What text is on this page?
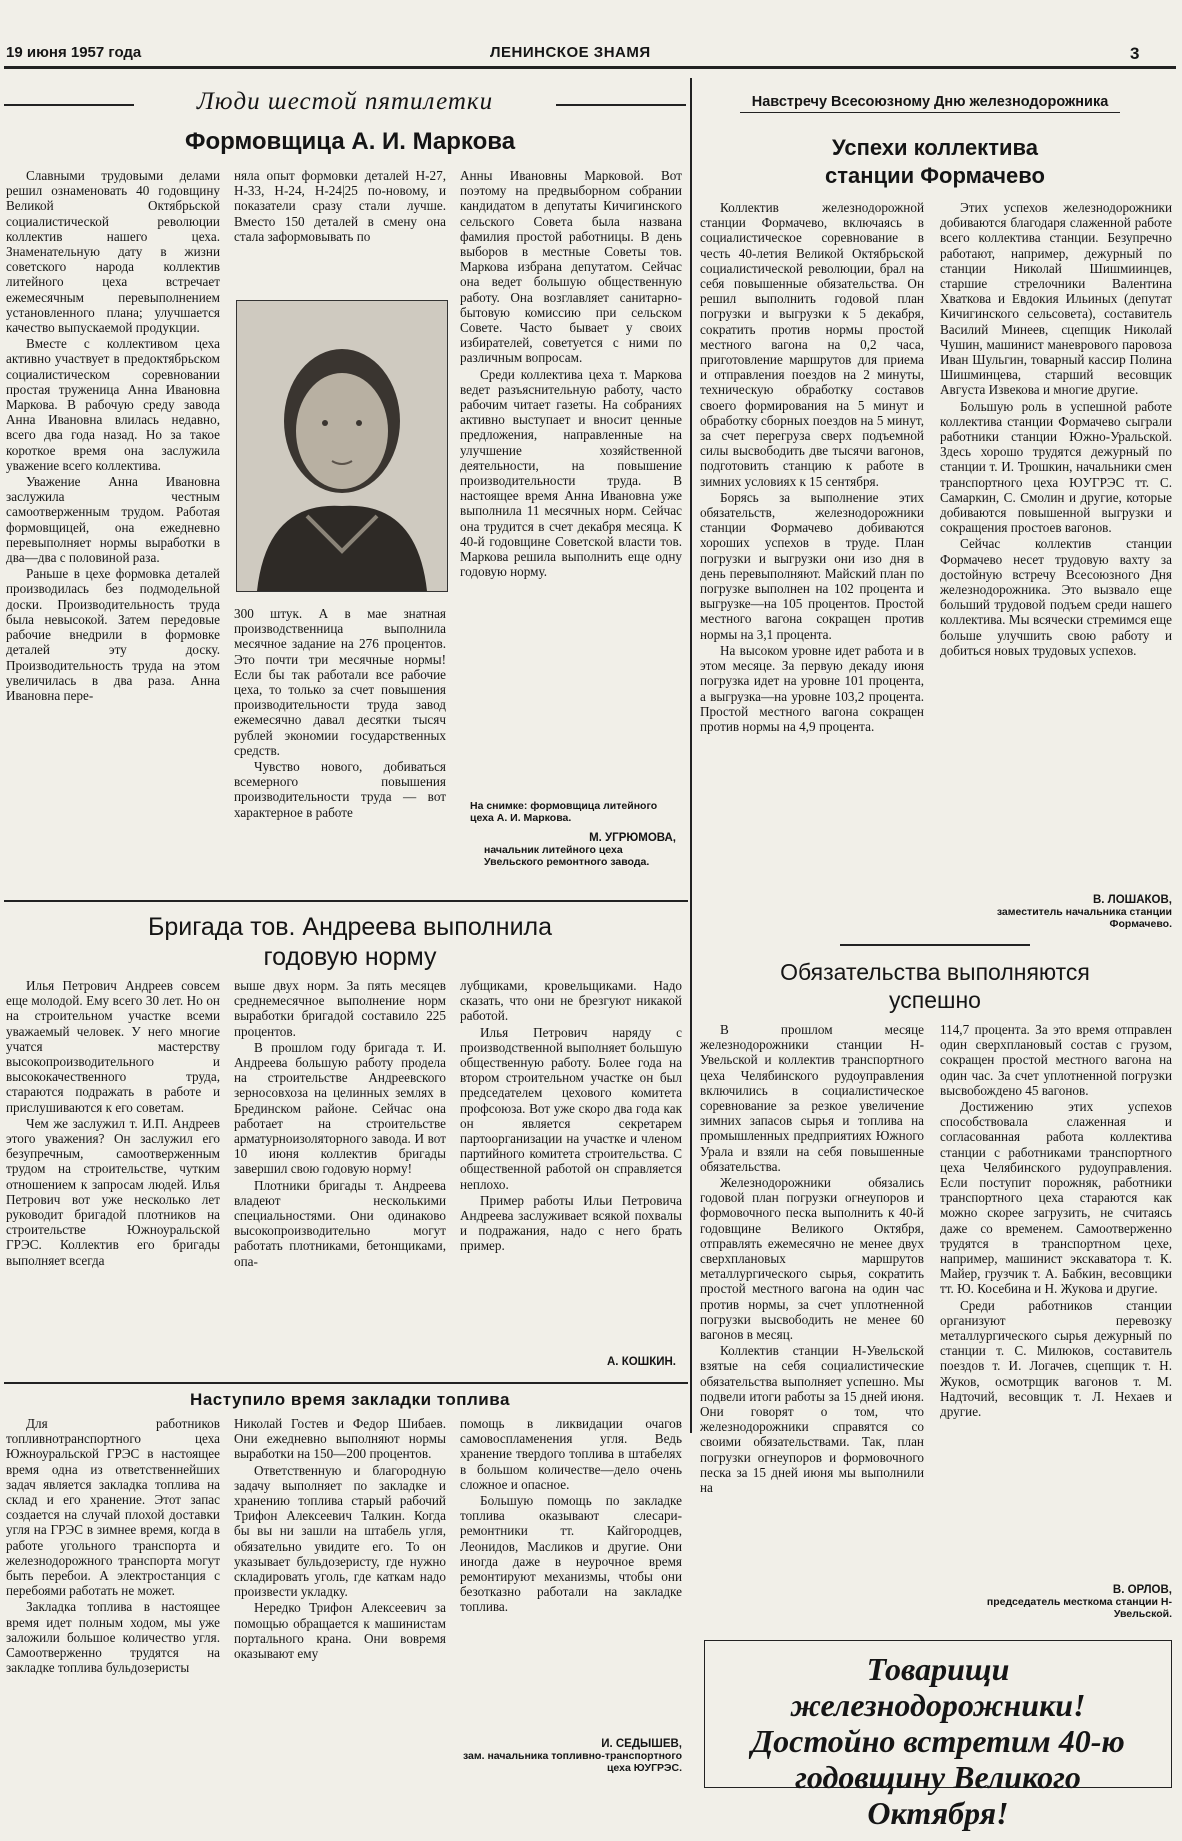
19 июня 1957 года	ЛЕНИНСКОЕ ЗНАМЯ	3
Люди шестой пятилетки
Формовщица А. И. Маркова

Славными трудовыми делами решил ознаменовать 40 годовщину Великой Октябрьской социалистической революции коллектив нашего цеха. Знаменательную дату в жизни советского народа коллектив литейного цеха встречает ежемесячным перевыполнением установленного плана; улучшается качество выпускаемой продукции.

Вместе с коллективом цеха активно участвует в предоктябрьском социалистическом соревновании простая труженица Анна Ивановна Маркова. В рабочую среду завода Анна Ивановна влилась недавно, всего два года назад. Но за такое короткое время она заслужила уважение всего коллектива.

Уважение Анна Ивановна заслужила честным самоотверженным трудом. Работая формовщицей, она ежедневно перевыполняет нормы выработки в два—два с половиной раза.

Раньше в цехе формовка деталей производилась без подмодельной доски. Производительность труда была невысокой. Затем передовые рабочие внедрили в формовке деталей эту доску. Производительность труда на этом увеличилась в два раза. Анна Ивановна пере-

няла опыт формовки деталей Н-27, Н-33, Н-24, Н-24|25 по-новому, и показатели сразу стали лучше. Вместо 150 деталей в смену она стала заформовывать по

300 штук. А в мае знатная производственница выполнила месячное задание на 276 процентов. Это почти три месячные нормы! Если бы так работали все рабочие цеха, то только за счет повышения производительности труда завод ежемесячно давал десятки тысяч рублей экономии государственных средств.

Чувство нового, добиваться всемерного повышения производительности труда — вот характерное в работе

Анны Ивановны Марковой. Вот поэтому на предвыборном собрании кандидатом в депутаты Кичигинского сельского Совета была названа фамилия простой работницы. В день выборов в местные Советы тов. Маркова избрана депутатом. Сейчас она ведет большую общественную работу. Она возглавляет санитарно-бытовую комиссию при сельском Совете. Часто бывает у своих избирателей, советуется с ними по различным вопросам.

Среди коллектива цеха т. Маркова ведет разъяснительную работу, часто рабочим читает газеты. На собраниях активно выступает и вносит ценные предложения, направленные на улучшение хозяйственной деятельности, на повышение производительности труда. В настоящее время Анна Ивановна уже выполнила 11 месячных норм. Сейчас она трудится в счет декабря месяца. К 40-й годовщине Советской власти тов. Маркова решила выполнить еще одну годовую норму.

На снимке: формовщица литейного цеха А. И. Маркова.
М. УГРЮМОВА,
начальник литейного цеха Увельского ремонтного завода.
Бригада тов. Андреева выполнила
годовую норму

Илья Петрович Андреев совсем еще молодой. Ему всего 30 лет. Но он на строительном участке всеми уважаемый человек. У него многие учатся мастерству высокопроизводительного и высококачественного труда, стараются подражать в работе и прислушиваются к его советам.

Чем же заслужил т. И.П. Андреев этого уважения? Он заслужил его безупречным, самоотверженным трудом на строительстве, чутким отношением к запросам людей. Илья Петрович вот уже несколько лет руководит бригадой плотников на строительстве Южноуральской ГРЭС. Коллектив его бригады выполняет всегда

выше двух норм. За пять месяцев среднемесячное выполнение норм выработки бригадой составило 225 процентов.

В прошлом году бригада т. И. Андреева большую работу продела на строительстве Андреевского зерносовхоза на целинных землях в Брединском районе. Сейчас она работает на строительстве арматурноизоляторного завода. И вот 10 июня коллектив бригады завершил свою годовую норму!

Плотники бригады т. Андреева владеют несколькими специальностями. Они одинаково высокопроизводительно могут работать плотниками, бетонщиками, опа-

лубщиками, кровельщиками. Надо сказать, что они не брезгуют никакой работой.

Илья Петрович наряду с производственной выполняет большую общественную работу. Более года на втором строительном участке он был председателем цехового комитета профсоюза. Вот уже скоро два года как он является секретарем партоорганизации на участке и членом партийного комитета строительства. С общественной работой он справляется неплохо.

Пример работы Ильи Петровича Андреева заслуживает всякой похвалы и подражания, надо с него брать пример.

А. КОШКИН.
Наступило время закладки топлива

Для работников топливнотранспортного цеха Южноуральской ГРЭС в настоящее время одна из ответственнейших задач является закладка топлива на склад и его хранение. Этот запас создается на случай плохой доставки угля на ГРЭС в зимнее время, когда в работе угольного транспорта и железнодорожного транспорта могут быть перебои. А электростанция с перебоями работать не может.

Закладка топлива в настоящее время идет полным ходом, мы уже заложили большое количество угля. Самоотверженно трудятся на закладке топлива бульдозеристы

Николай Гостев и Федор Шибаев. Они ежедневно выполняют нормы выработки на 150—200 процентов.

Ответственную и благородную задачу выполняет по закладке и хранению топлива старый рабочий Трифон Алексеевич Талкин. Когда бы вы ни зашли на штабель угля, обязательно увидите его. То он указывает бульдозеристу, где нужно складировать уголь, где каткам надо произвести укладку.

Нередко Трифон Алексеевич за помощью обращается к машинистам портального крана. Они вовремя оказывают ему

помощь в ликвидации очагов самовоспламенения угля. Ведь хранение твердого топлива в штабелях в большом количестве—дело очень сложное и опасное.

Большую помощь по закладке топлива оказывают слесари-ремонтники тт. Кайгородцев, Леонидов, Масликов и другие. Они иногда даже в неурочное время ремонтируют механизмы, чтобы они безотказно работали на закладке топлива.

И. СЕДЫШЕВ,
зам. начальника топливно-транспортного цеха ЮУГРЭС.
Навстречу Всесоюзному Дню железнодорожника
Успехи коллектива
станции Формачево

Коллектив железнодорожной станции Формачево, включаясь в социалистическое соревнование в честь 40-летия Великой Октябрьской социалистической революции, брал на себя повышенные обязательства. Он решил выполнить годовой план погрузки и выгрузки к 5 декабря, сократить против нормы простой местного вагона на 0,2 часа, приготовление маршрутов для приема и отправления поездов на 2 минуты, техническую обработку составов своего формирования на 5 минут и обработку сборных поездов на 5 минут, за счет перегруза сверх подъемной силы высвободить две тысячи вагонов, подготовить станцию к работе в зимних условиях к 15 сентября.

Борясь за выполнение этих обязательств, железнодорожники станции Формачево добиваются хороших успехов в труде. План погрузки и выгрузки они изо дня в день перевыполняют. Майский план по погрузке выполнен на 102 процента и выгрузке—на 105 процентов. Простой местного вагона сокращен против нормы на 3,1 процента.

На высоком уровне идет работа и в этом месяце. За первую декаду июня погрузка идет на уровне 101 процента, а выгрузка—на уровне 103,2 процента. Простой местного вагона сокращен против нормы на 4,9 процента.

Этих успехов железнодорожники добиваются благодаря слаженной работе всего коллектива станции. Безупречно работают, например, дежурный по станции Николай Шишмиинцев, старшие стрелочники Валентина Хваткова и Евдокия Ильиных (депутат Кичигинского сельсовета), составитель Василий Минеев, сцепщик Николай Чушин, машинист маневрового паровоза Иван Шульгин, товарный кассир Полина Шишминцева, старший весовщик Августа Извекова и многие другие.

Большую роль в успешной работе коллектива станции Формачево сыграли работники станции Южно-Уральской. Здесь хорошо трудятся дежурный по станции т. И. Трошкин, начальники смен транспортного цеха ЮУГРЭС тт. С. Самаркин, С. Смолин и другие, которые добиваются повышенной выгрузки и сокращения простоев вагонов.

Сейчас коллектив станции Формачево несет трудовую вахту за достойную встречу Всесоюзного Дня железнодорожника. Это вызвало еще больший трудовой подъем среди нашего коллектива. Мы всячески стремимся еще больше улучшить свою работу и добиться новых трудовых успехов.

В. ЛОШАКОВ,
заместитель начальника станции Формачево.
Обязательства выполняются
успешно

В прошлом месяце железнодорожники станции Н-Увельской и коллектив транспортного цеха Челябинского рудоуправления включились в социалистическое соревнование за резкое увеличение зимних запасов сырья и топлива на промышленных предприятиях Южного Урала и взяли на себя повышенные обязательства.

Железнодорожники обязались годовой план погрузки огнеупоров и формовочного песка выполнить к 40-й годовщине Великого Октября, отправлять ежемесячно не менее двух сверхплановых маршрутов металлургического сырья, сократить простой местного вагона на один час против нормы, за счет уплотненной погрузки высвободить не менее 60 вагонов в месяц.

Коллектив станции Н-Увельской взятые на себя социалистические обязательства выполняет успешно. Мы подвели итоги работы за 15 дней июня. Они говорят о том, что железнодорожники справятся со своими обязательствами. Так, план погрузки огнеупоров и формовочного песка за 15 дней июня мы выполнили на

114,7 процента. За это время отправлен один сверхплановый состав с грузом, сокращен простой местного вагона на один час. За счет уплотненной погрузки высвобождено 45 вагонов.

Достижению этих успехов способствовала слаженная и согласованная работа коллектива станции с работниками транспортного цеха Челябинского рудоуправления. Если поступит порожняк, работники транспортного цеха стараются как можно скорее загрузить, не считаясь даже со временем. Самоотверженно трудятся в транспортном цехе, например, машинист экскаватора т. К. Майер, грузчик т. А. Бабкин, весовщики тт. Ю. Косебина и Н. Жукова и другие.

Среди работников станции организуют перевозку металлургического сырья дежурный по станции т. С. Милюков, составитель поездов т. И. Логачев, сцепщик т. Н. Жуков, осмотрщик вагонов т. М. Надточий, весовщик т. Л. Нехаев и другие.

В. ОРЛОВ,
председатель месткома станции Н-Увельской.
Товарищи железнодорожники! Достойно встретим 40-ю годовщину Великого Октября!
